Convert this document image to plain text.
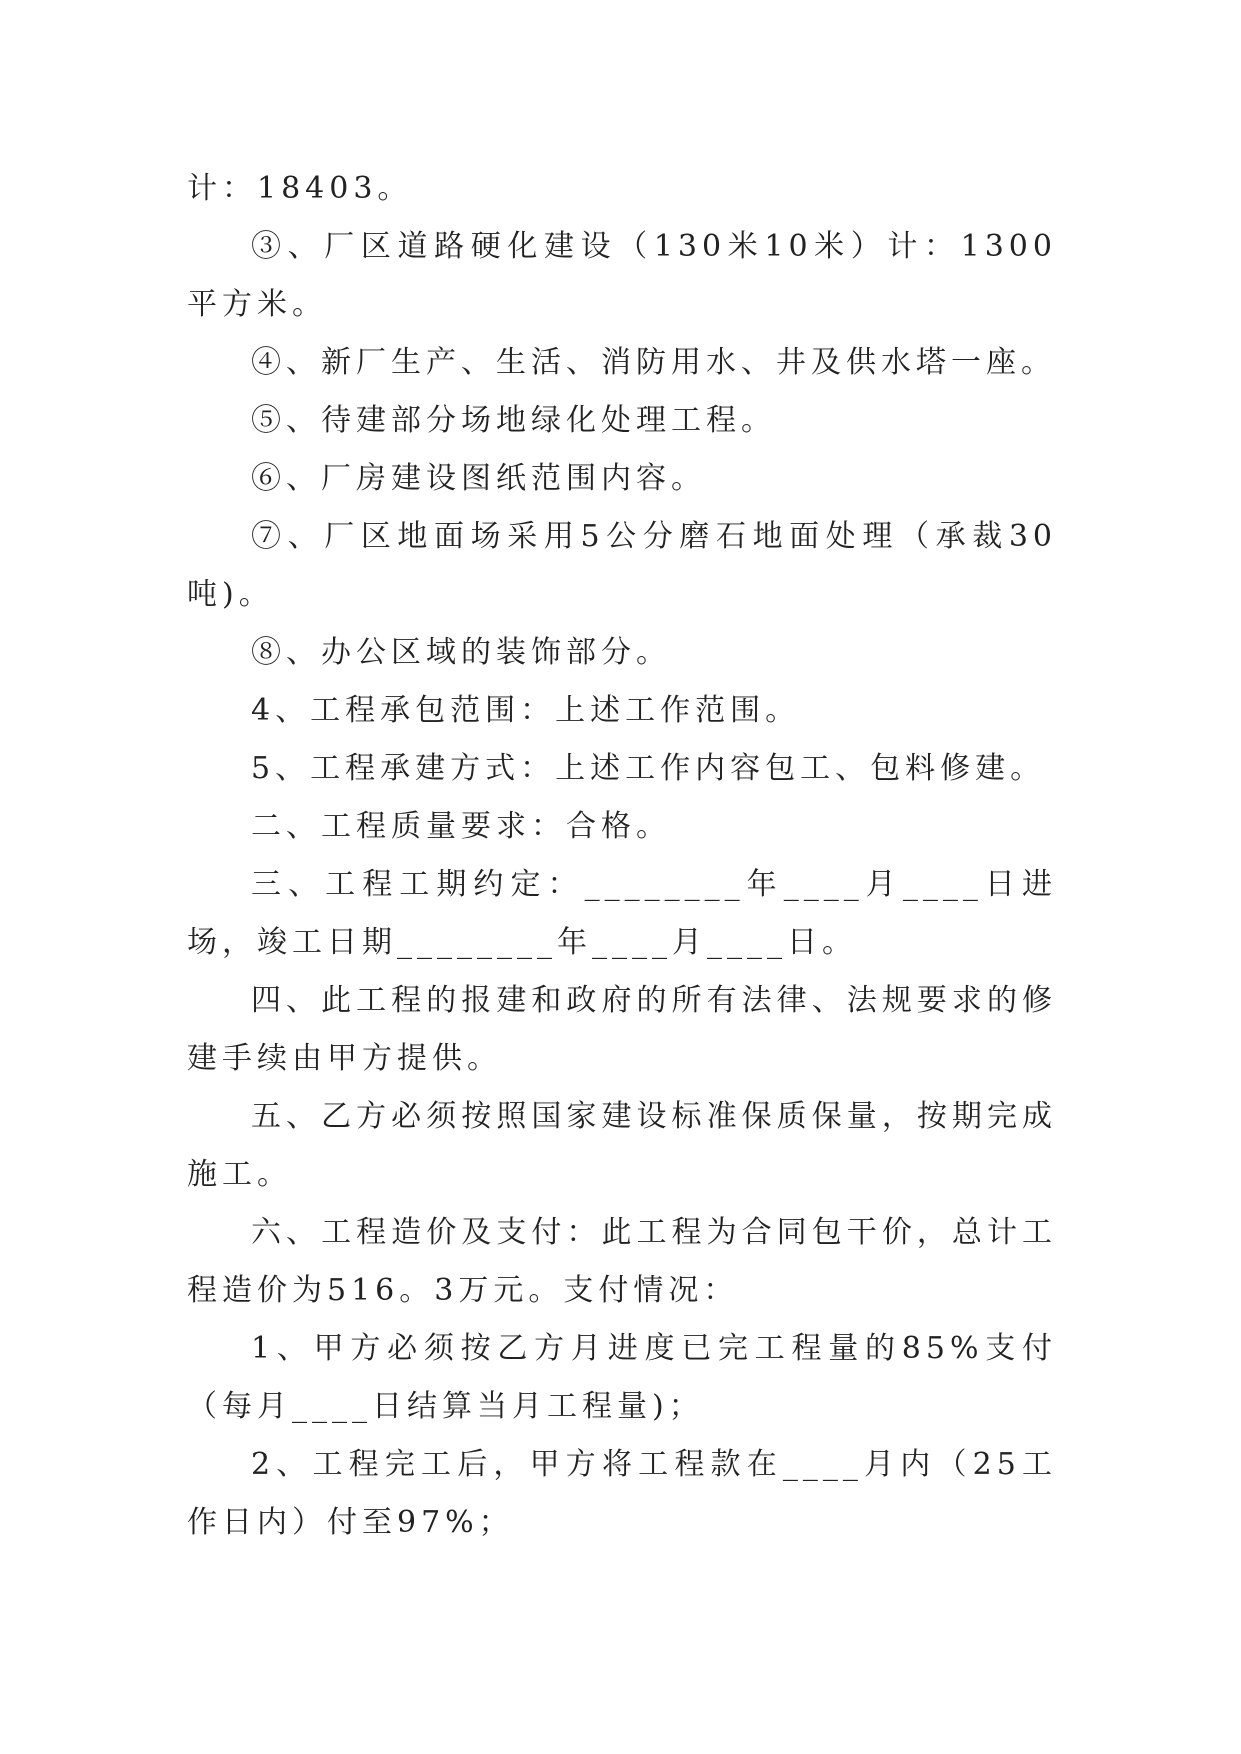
计：18403。

③、厂区道路硬化建设（130米10米）计：1300平方米。

④、新厂生产、生活、消防用水、井及供水塔一座。

⑤、待建部分场地绿化处理工程。

⑥、厂房建设图纸范围内容。

⑦、厂区地面场采用5公分磨石地面处理（承裁30吨)。

⑧、办公区域的装饰部分。

4、工程承包范围：上述工作范围。

5、工程承建方式：上述工作内容包工、包料修建。

二、工程质量要求：合格。

三、工程工期约定：________年____月____日进场，竣工日期________年____月____日。

四、此工程的报建和政府的所有法律、法规要求的修建手续由甲方提供。

五、乙方必须按照国家建设标准保质保量，按期完成施工。

六、工程造价及支付：此工程为合同包干价，总计工程造价为516。3万元。支付情况：

1、甲方必须按乙方月进度已完工程量的85%支付（每月____日结算当月工程量)；

2、工程完工后，甲方将工程款在____月内（25工作日内）付至97%；
